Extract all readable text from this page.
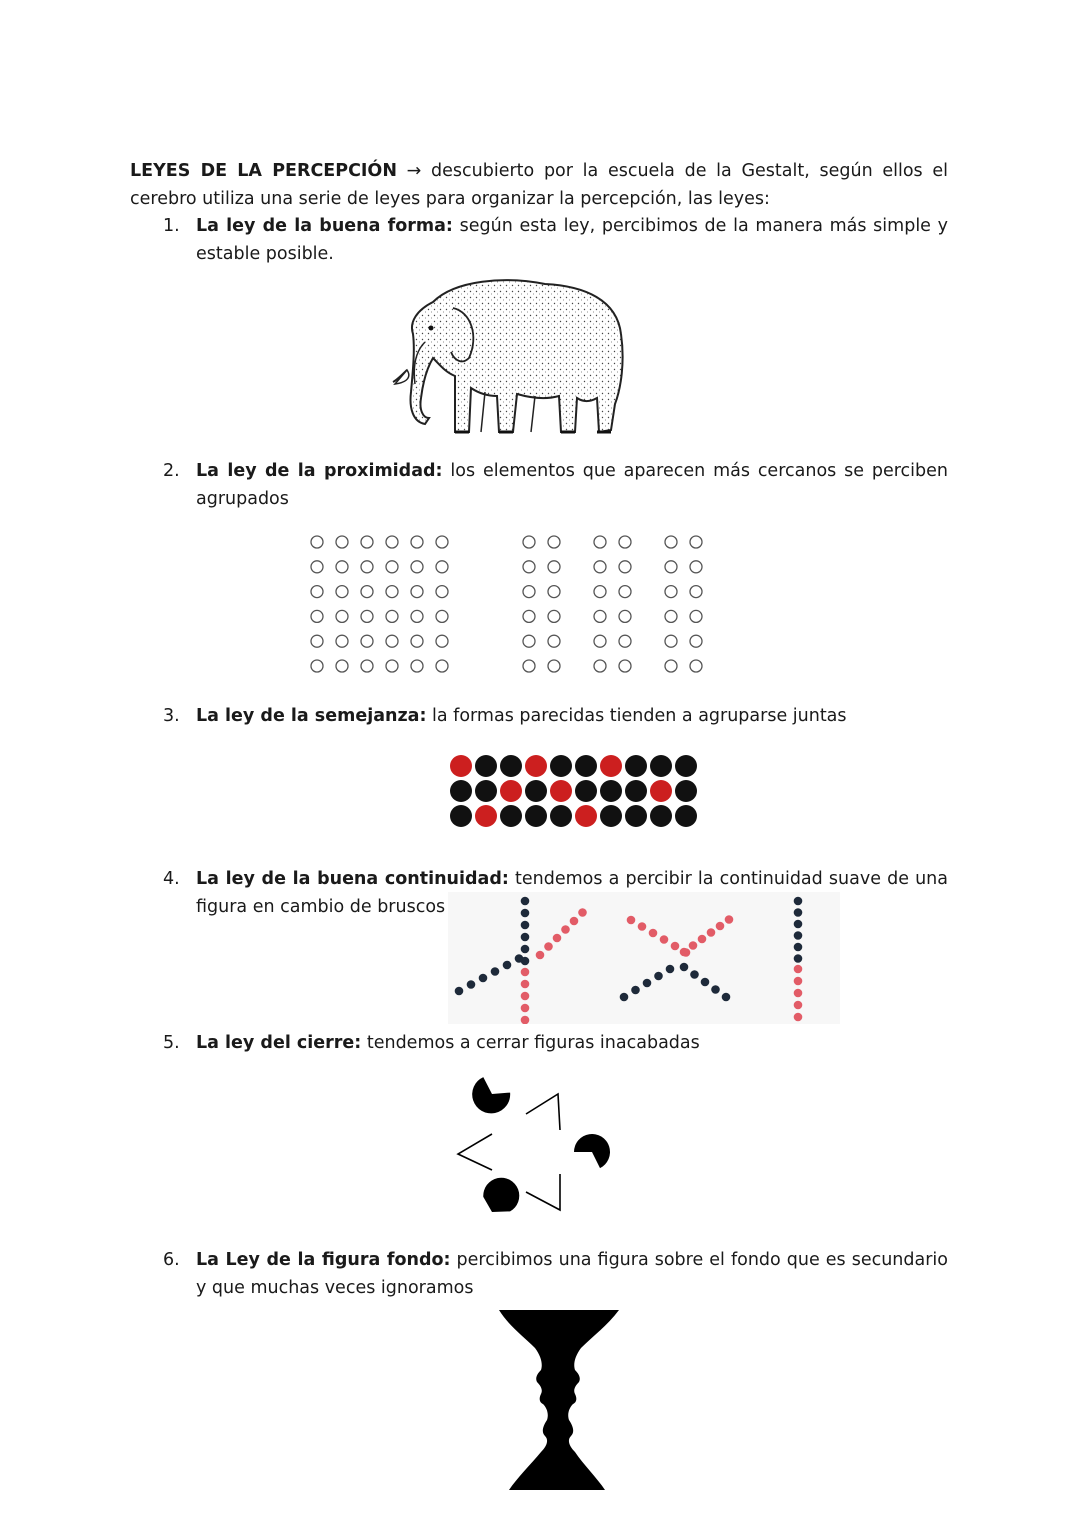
LEYES DE LA PERCEPCIÓN → descubierto por la escuela de la Gestalt, según ellos el cerebro utiliza una serie de leyes para organizar la percepción, las leyes:
1. La ley de la buena forma: según esta ley, percibimos de la manera más simple y estable posible.
2. La ley de la proximidad: los elementos que aparecen más cercanos se perciben agrupados
3. La ley de la semejanza: la formas parecidas tienden a agruparse juntas
4. La ley de la buena continuidad: tendemos a percibir la continuidad suave de una figura en cambio de bruscos
5. La ley del cierre: tendemos a cerrar figuras inacabadas
6. La Ley de la figura fondo: percibimos una figura sobre el fondo que es secundario y que muchas veces ignoramos
